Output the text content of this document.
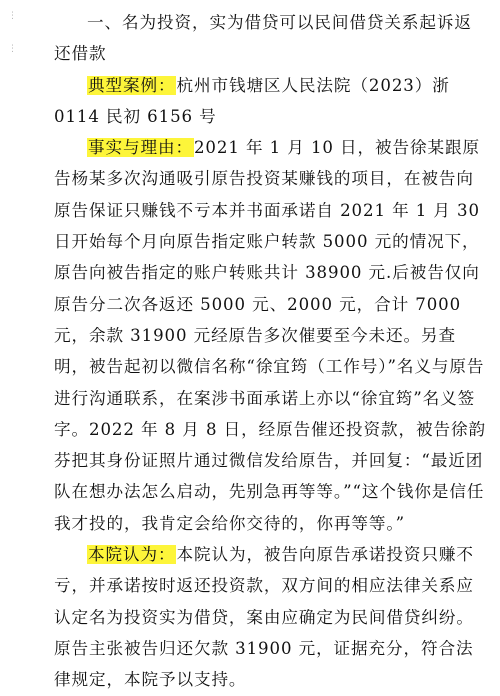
⋮
⋮

一、名为投资，实为借贷可以民间借贷关系起诉返还借款

典型案例：杭州市钱塘区人民法院（2023）浙 0114 民初 6156 号

事实与理由：2021 年 1 月 10 日，被告徐某跟原告杨某多次沟通吸引原告投资某赚钱的项目，在被告向原告保证只赚钱不亏本并书面承诺自 2021 年 1 月 30 日开始每个月向原告指定账户转款 5000 元的情况下，原告向被告指定的账户转账共计 38900 元.后被告仅向原告分二次各返还 5000 元、2000 元，合计 7000 元，余款 31900 元经原告多次催要至今未还。另查明，被告起初以微信名称“徐宜筠（工作号）”名义与原告进行沟通联系，在案涉书面承诺上亦以“徐宜筠”名义签字。2022 年 8 月 8 日，经原告催还投资款，被告徐韵芬把其身份证照片通过微信发给原告，并回复：“最近团队在想办法怎么启动，先别急再等等。”“这个钱你是信任我才投的，我肯定会给你交待的，你再等等。”

本院认为：本院认为，被告向原告承诺投资只赚不亏，并承诺按时返还投资款，双方间的相应法律关系应认定名为投资实为借贷，案由应确定为民间借贷纠纷。原告主张被告归还欠款 31900 元，证据充分，符合法律规定，本院予以支持。
